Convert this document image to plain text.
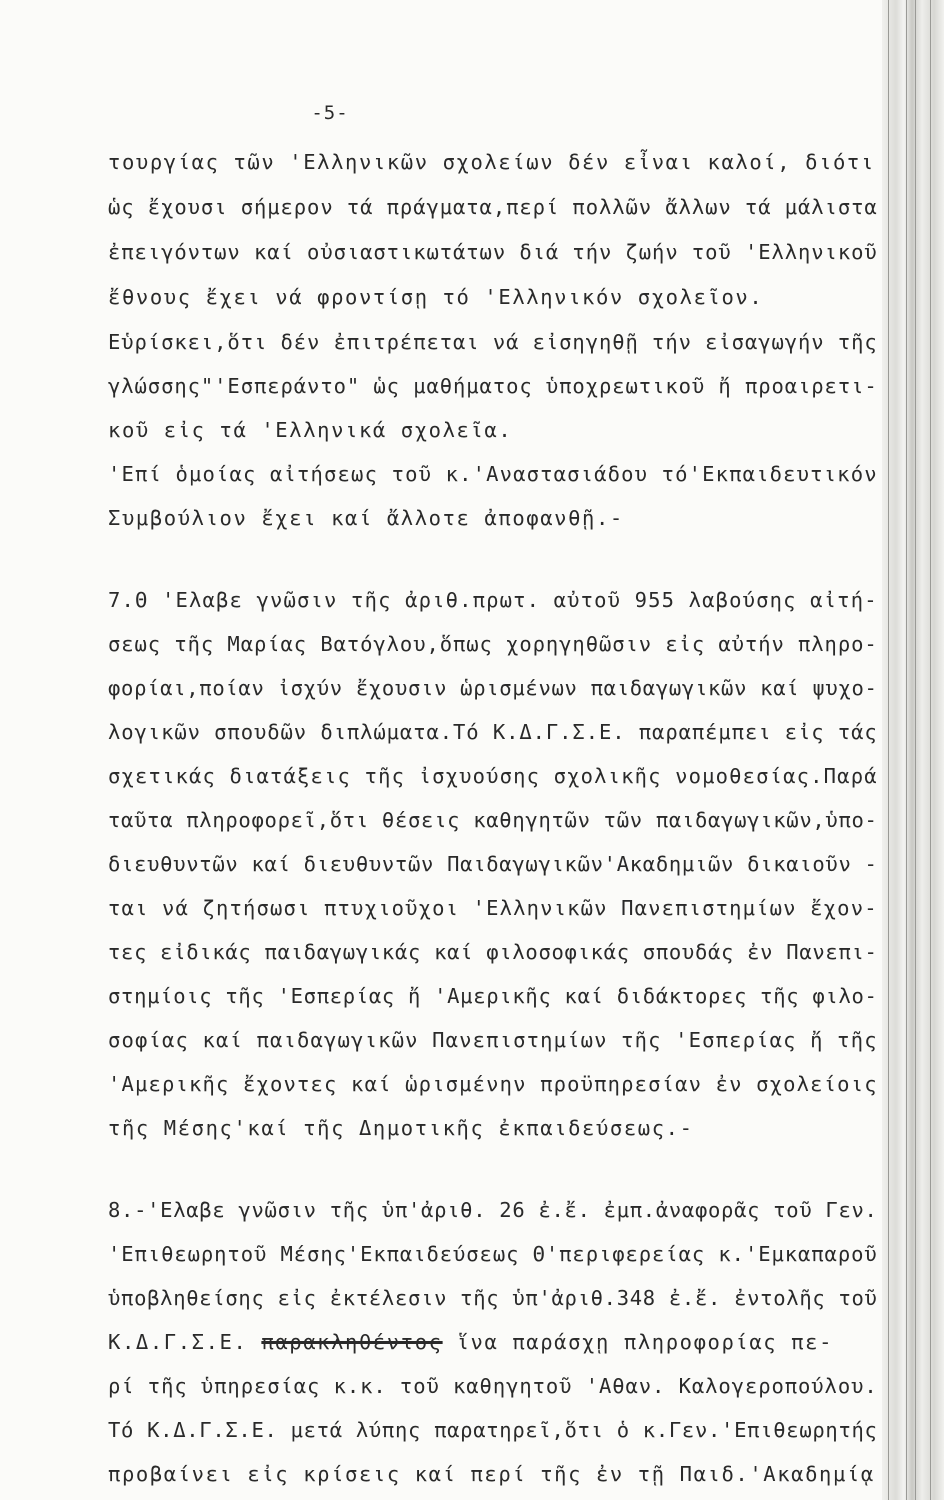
-5-
τουργίας τῶν 'Ελληνικῶν σχολείων δέν εἶναι καλοί, διότι
ὡς ἔχουσι σήμερον τά πράγματα,περί πολλῶν ἄλλων τά μάλιστα
ἐπειγόντων καί οὐσιαστικωτάτων διά τήν ζωήν τοῦ 'Ελληνικοῦ
ἔθνους ἔχει νά φροντίσῃ τό 'Ελληνικόν σχολεῖον.
Εὑρίσκει,ὅτι δέν ἐπιτρέπεται νά εἰσηγηθῇ τήν εἰσαγωγήν τῆς
γλώσσης"'Εσπεράντο" ὡς μαθήματος ὑποχρεωτικοῦ ἤ προαιρετι-
κοῦ εἰς τά 'Ελληνικά σχολεῖα.
'Επί ὁμοίας αἰτήσεως τοῦ κ.'Αναστασιάδου τό'Εκπαιδευτικόν
Συμβούλιον ἔχει καί ἄλλοτε ἀποφανθῇ.-
7.Θ 'Ελαβε γνῶσιν τῆς ἀριθ.πρωτ. αὐτοῦ 955 λαβούσης αἰτή-
σεως τῆς Μαρίας Βατόγλου,ὅπως χορηγηθῶσιν εἰς αὐτήν πληρο-
φορίαι,ποίαν ἰσχύν ἔχουσιν ὡρισμένων παιδαγωγικῶν καί ψυχο-
λογικῶν σπουδῶν διπλώματα.Τό Κ.Δ.Γ.Σ.Ε. παραπέμπει εἰς τάς
σχετικάς διατάξεις τῆς ἰσχυούσης σχολικῆς νομοθεσίας.Παρά
ταῦτα πληροφορεῖ,ὅτι θέσεις καθηγητῶν τῶν παιδαγωγικῶν,ὑπο-
διευθυντῶν καί διευθυντῶν Παιδαγωγικῶν'Ακαδημιῶν δικαιοῦν -
ται νά ζητήσωσι πτυχιοῦχοι 'Ελληνικῶν Πανεπιστημίων ἔχον-
τες εἰδικάς παιδαγωγικάς καί φιλοσοφικάς σπουδάς ἐν Πανεπι-
στημίοις τῆς 'Εσπερίας ἤ 'Αμερικῆς καί διδάκτορες τῆς φιλο-
σοφίας καί παιδαγωγικῶν Πανεπιστημίων τῆς 'Εσπερίας ἤ τῆς
'Αμερικῆς ἔχοντες καί ὡρισμένην προϋπηρεσίαν ἐν σχολείοις
τῆς Μέσης'καί τῆς Δημοτικῆς ἐκπαιδεύσεως.-
8.-'Ελαβε γνῶσιν τῆς ὑπ'ἀριθ. 26 ἐ.ἔ. ἐμπ.ἀναφορᾶς τοῦ Γεν.
'Επιθεωρητοῦ Μέσης'Εκπαιδεύσεως Θ'περιφερείας κ.'Εμκαπαροῦ
ὑποβληθείσης εἰς ἐκτέλεσιν τῆς ὑπ'ἀριθ.348 ἐ.ἔ. ἐντολῆς τοῦ
Κ.Δ.Γ.Σ.Ε. παρακληθέντος ἵνα παράσχῃ πληροφορίας πε-
ρί τῆς ὑπηρεσίας κ.κ. τοῦ καθηγητοῦ 'Αθαν. Καλογεροπούλου.
Τό Κ.Δ.Γ.Σ.Ε. μετά λύπης παρατηρεῖ,ὅτι ὁ κ.Γεν.'Επιθεωρητής
προβαίνει εἰς κρίσεις καί περί τῆς ἐν τῇ Παιδ.'Ακαδημίᾳ
